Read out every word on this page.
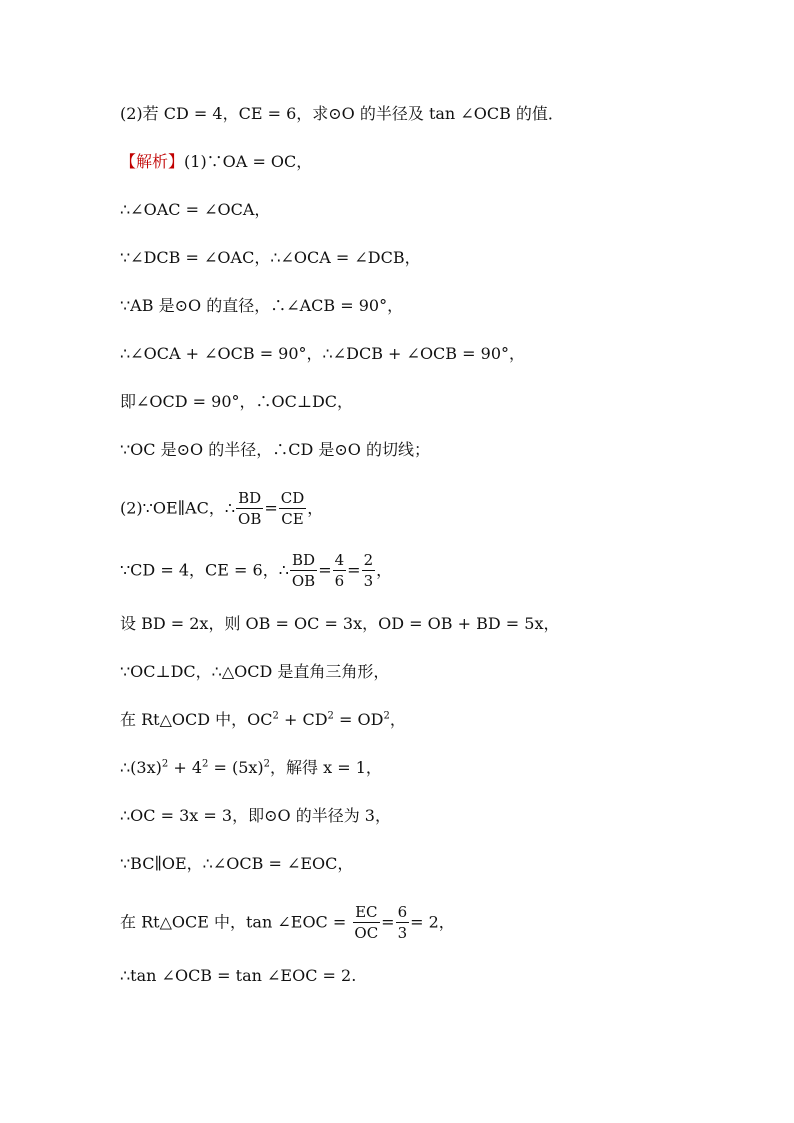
(2)若 CD = 4，CE = 6，求⊙O 的半径及 tan ∠OCB 的值．
【解析】(1)∵OA = OC，
∴∠OAC = ∠OCA，
∵∠DCB = ∠OAC，∴∠OCA = ∠DCB，
∵AB 是⊙O 的直径，∴∠ACB = 90°，
∴∠OCA + ∠OCB = 90°，∴∠DCB + ∠OCB = 90°，
即∠OCD = 90°，∴OC⊥DC，
∵OC 是⊙O 的半径，∴CD 是⊙O 的切线；
(2)∵OE∥AC，∴ $\frac{BD}{OB} = \frac{CD}{CE}$ ，
∵CD = 4，CE = 6，∴ $\frac{BD}{OB} = \frac{4}{6} = \frac{2}{3}$ ，
设 BD = 2x，则 OB = OC = 3x，OD = OB + BD = 5x，
∵OC⊥DC，∴△OCD 是直角三角形，
在 Rt△OCD 中，$OC^2 + CD^2 = OD^2$，
$\therefore(3x)^2 + 4^2 = (5x)^2$，解得 x = 1，
∴OC = 3x = 3，即⊙O 的半径为 3，
∵BC∥OE，∴∠OCB = ∠EOC，
在 Rt△OCE 中，tan ∠EOC = $\frac{EC}{OC} = \frac{6}{3} = 2$，
∴tan ∠OCB = tan ∠EOC = 2.
